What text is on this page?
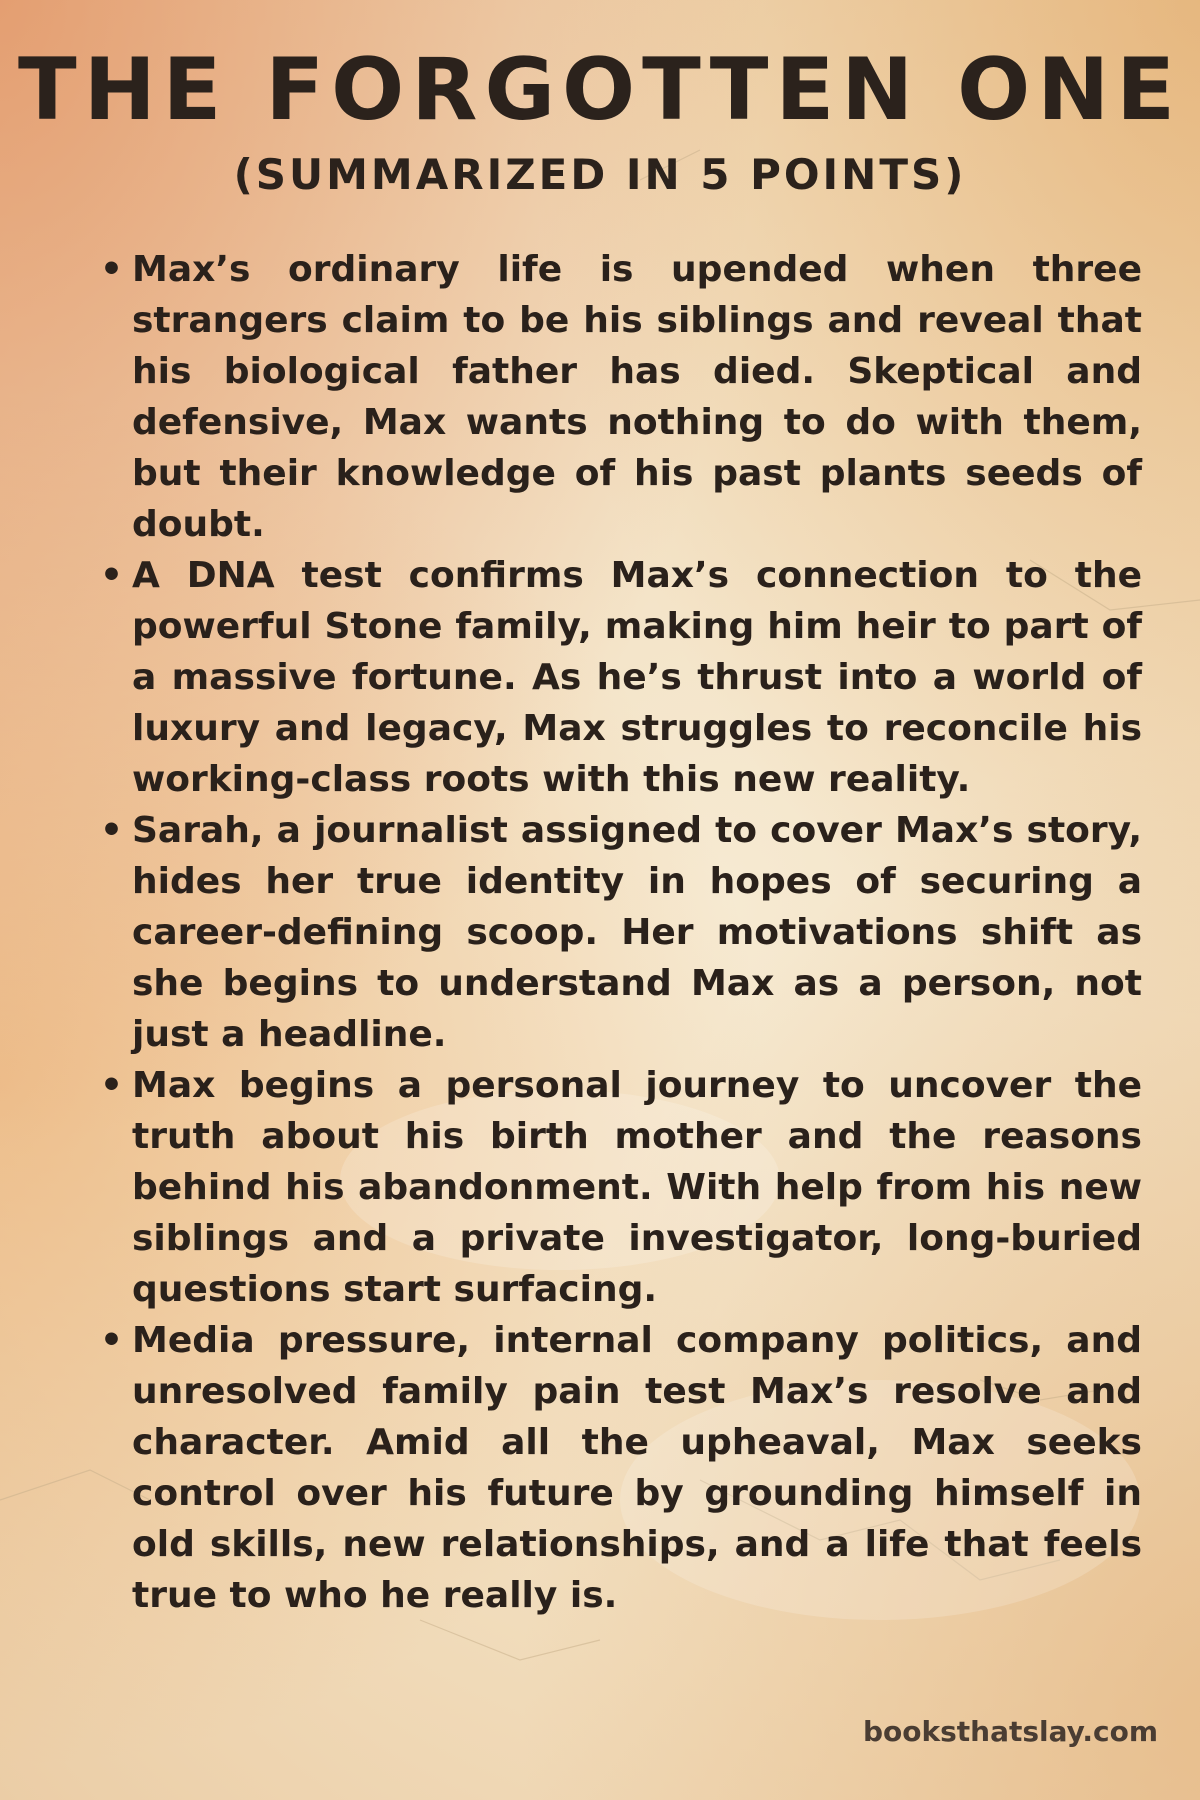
THE FORGOTTEN ONE
(SUMMARIZED IN 5 POINTS)
• Max’s ordinary life is upended when three strangers claim to be his siblings and reveal that his biological father has died. Skeptical and defensive, Max wants nothing to do with them, but their knowledge of his past plants seeds of doubt.
• A DNA test confirms Max’s connection to the powerful Stone family, making him heir to part of a massive fortune. As he’s thrust into a world of luxury and legacy, Max struggles to reconcile his working-class roots with this new reality.
• Sarah, a journalist assigned to cover Max’s story, hides her true identity in hopes of securing a career-defining scoop. Her motivations shift as she begins to understand Max as a person, not just a headline.
• Max begins a personal journey to uncover the truth about his birth mother and the reasons behind his abandonment. With help from his new siblings and a private investigator, long-buried questions start surfacing.
• Media pressure, internal company politics, and unresolved family pain test Max’s resolve and character. Amid all the upheaval, Max seeks control over his future by grounding himself in old skills, new relationships, and a life that feels true to who he really is.
booksthatslay.com
